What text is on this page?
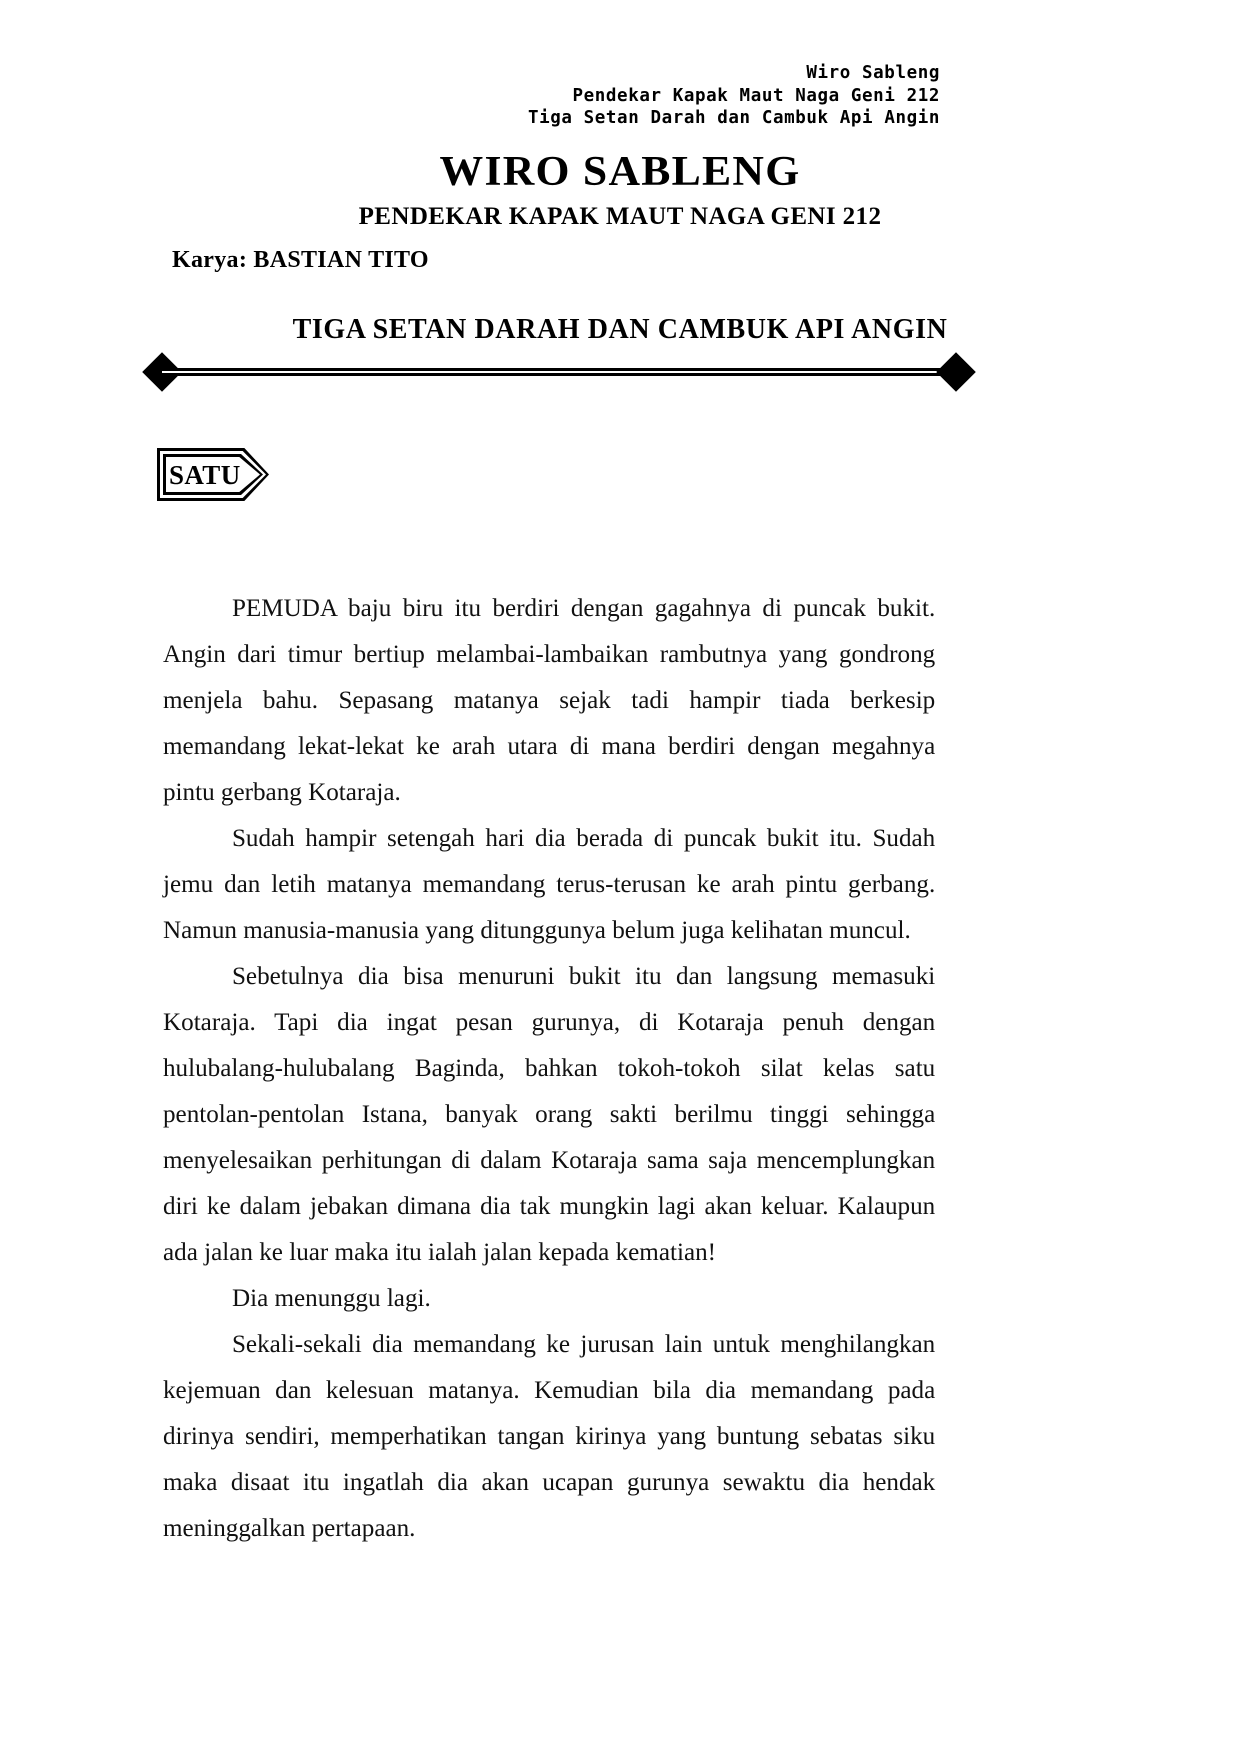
Wiro Sableng
Pendekar Kapak Maut Naga Geni 212
Tiga Setan Darah dan Cambuk Api Angin
WIRO SABLENG
PENDEKAR KAPAK MAUT NAGA GENI 212
Karya: BASTIAN TITO
TIGA SETAN DARAH DAN CAMBUK API ANGIN
SATU

PEMUDA baju biru itu berdiri dengan gagahnya di puncak bukit. Angin dari timur bertiup melambai-lambaikan rambutnya yang gondrong menjela bahu. Sepasang matanya sejak tadi hampir tiada berkesip memandang lekat-lekat ke arah utara di mana berdiri dengan megahnya pintu gerbang Kotaraja.

Sudah hampir setengah hari dia berada di puncak bukit itu. Sudah jemu dan letih matanya memandang terus-terusan ke arah pintu gerbang. Namun manusia-manusia yang ditunggunya belum juga kelihatan muncul.

Sebetulnya dia bisa menuruni bukit itu dan langsung memasuki Kotaraja. Tapi dia ingat pesan gurunya, di Kotaraja penuh dengan hulubalang-hulubalang Baginda, bahkan tokoh-tokoh silat kelas satu pentolan-pentolan Istana, banyak orang sakti berilmu tinggi sehingga menyelesaikan perhitungan di dalam Kotaraja sama saja mencemplungkan diri ke dalam jebakan dimana dia tak mungkin lagi akan keluar. Kalaupun ada jalan ke luar maka itu ialah jalan kepada kematian!

Dia menunggu lagi.

Sekali-sekali dia memandang ke jurusan lain untuk menghilangkan kejemuan dan kelesuan matanya. Kemudian bila dia memandang pada dirinya sendiri, memperhatikan tangan kirinya yang buntung sebatas siku maka disaat itu ingatlah dia akan ucapan gurunya sewaktu dia hendak meninggalkan pertapaan.
